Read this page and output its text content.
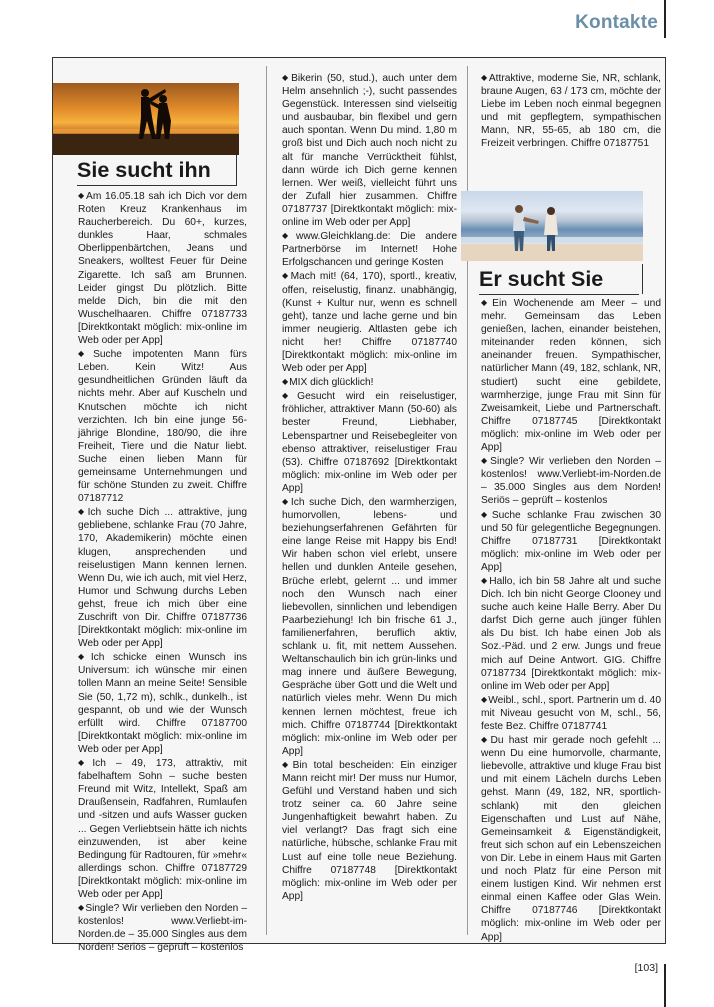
Kontakte
Sie sucht ihn

◆Am 16.05.18 sah ich Dich vor dem Roten Kreuz Krankenhaus im Raucherbereich. Du 60+, kurzes, dunkles Haar, schmales Oberlippenbärtchen, Jeans und Sneakers, wolltest Feuer für Deine Zigarette. Ich saß am Brunnen. Leider gingst Du plötzlich. Bitte melde Dich, bin die mit den Wuschelhaaren. Chiffre 07187733 [Direktkontakt möglich: mix-online im Web oder per App]

◆Suche impotenten Mann fürs Leben. Kein Witz! Aus gesundheitlichen Gründen läuft da nichts mehr. Aber auf Kuscheln und Knutschen möchte ich nicht verzichten. Ich bin eine junge 56-jährige Blondine, 180/90, die ihre Freiheit, Tiere und die Natur liebt. Suche einen lieben Mann für gemeinsame Unternehmungen und für schöne Stunden zu zweit. Chiffre 07187712

◆Ich suche Dich ... attraktive, jung gebliebene, schlanke Frau (70 Jahre, 170, Akademikerin) möchte einen klugen, ansprechenden und reiselustigen Mann kennen lernen. Wenn Du, wie ich auch, mit viel Herz, Humor und Schwung durchs Leben gehst, freue ich mich über eine Zuschrift von Dir. Chiffre 07187736 [Direktkontakt möglich: mix-online im Web oder per App]

◆Ich schicke einen Wunsch ins Universum: ich wünsche mir einen tollen Mann an meine Seite! Sensible Sie (50, 1,72 m), schlk., dunkelh., ist gespannt, ob und wie der Wunsch erfüllt wird. Chiffre 07187700 [Direktkontakt möglich: mix-online im Web oder per App]

◆Ich – 49, 173, attraktiv, mit fabelhaftem Sohn – suche besten Freund mit Witz, Intellekt, Spaß am Draußensein, Radfahren, Rumlaufen und -sitzen und aufs Wasser gucken ... Gegen Verliebtsein hätte ich nichts einzuwenden, ist aber keine Bedingung für Radtouren, für »mehr« allerdings schon. Chiffre 07187729 [Direktkontakt möglich: mix-online im Web oder per App]

◆Single? Wir verlieben den Norden – kostenlos! www.Verliebt-im-Norden.de – 35.000 Singles aus dem Norden! Seriös – geprüft – kostenlos

◆Bikerin (50, stud.), auch unter dem Helm ansehnlich ;-), sucht passendes Gegenstück. Interessen sind vielseitig und ausbaubar, bin flexibel und gern auch spontan. Wenn Du mind. 1,80 m groß bist und Dich auch noch nicht zu alt für manche Verrücktheit fühlst, dann würde ich Dich gerne kennen lernen. Wer weiß, vielleicht führt uns der Zufall hier zusammen. Chiffre 07187737 [Direktkontakt möglich: mix-online im Web oder per App]

◆www.Gleichklang.de: Die andere Partnerbörse im Internet! Hohe Erfolgschancen und geringe Kosten

◆Mach mit! (64, 170), sportl., kreativ, offen, reiselustig, finanz. unabhängig, (Kunst + Kultur nur, wenn es schnell geht), tanze und lache gerne und bin immer neugierig. Altlasten gebe ich nicht her! Chiffre 07187740 [Direktkontakt möglich: mix-online im Web oder per App]

◆MIX dich glücklich!

◆Gesucht wird ein reiselustiger, fröhlicher, attraktiver Mann (50-60) als bester Freund, Liebhaber, Lebenspartner und Reisebegleiter von ebenso attraktiver, reiselustiger Frau (53). Chiffre 07187692 [Direktkontakt möglich: mix-online im Web oder per App]

◆Ich suche Dich, den warmherzigen, humorvollen, lebens- und beziehungserfahrenen Gefährten für eine lange Reise mit Happy bis End! Wir haben schon viel erlebt, unsere hellen und dunklen Anteile gesehen, Brüche erlebt, gelernt ... und immer noch den Wunsch nach einer liebevollen, sinnlichen und lebendigen Paarbeziehung! Ich bin frische 61 J., familienerfahren, beruflich aktiv, schlank u. fit, mit nettem Aussehen. Weltanschaulich bin ich grün-links und mag innere und äußere Bewegung, Gespräche über Gott und die Welt und natürlich vieles mehr. Wenn Du mich kennen lernen möchtest, freue ich mich. Chiffre 07187744 [Direktkontakt möglich: mix-online im Web oder per App]

◆Bin total bescheiden: Ein einziger Mann reicht mir! Der muss nur Humor, Gefühl und Verstand haben und sich trotz seiner ca. 60 Jahre seine Jungenhaftigkeit bewahrt haben. Zu viel verlangt? Das fragt sich eine natürliche, hübsche, schlanke Frau mit Lust auf eine tolle neue Beziehung. Chiffre 07187748 [Direktkontakt möglich: mix-online im Web oder per App]

◆Attraktive, moderne Sie, NR, schlank, braune Augen, 63 / 173 cm, möchte der Liebe im Leben noch einmal begegnen und mit gepflegtem, sympathischen Mann, NR, 55-65, ab 180 cm, die Freizeit verbringen. Chiffre 07187751

◆Ein Wochenende am Meer – und mehr. Gemeinsam das Leben genießen, lachen, einander beistehen, miteinander reden können, sich aneinander freuen. Sympathischer, natürlicher Mann (49, 182, schlank, NR, studiert) sucht eine gebildete, warmherzige, junge Frau mit Sinn für Zweisamkeit, Liebe und Partnerschaft. Chiffre 07187745 [Direktkontakt möglich: mix-online im Web oder per App]

◆Single? Wir verlieben den Norden – kostenlos! www.Verliebt-im-Norden.de – 35.000 Singles aus dem Norden! Seriös – geprüft – kostenlos

◆Suche schlanke Frau zwischen 30 und 50 für gelegentliche Begegnungen. Chiffre 07187731 [Direktkontakt möglich: mix-online im Web oder per App]

◆Hallo, ich bin 58 Jahre alt und suche Dich. Ich bin nicht George Clooney und suche auch keine Halle Berry. Aber Du darfst Dich gerne auch jünger fühlen als Du bist. Ich habe einen Job als Soz.-Päd. und 2 erw. Jungs und freue mich auf Deine Antwort. GIG. Chiffre 07187734 [Direktkontakt möglich: mix-online im Web oder per App]

◆Weibl., schl., sport. Partnerin um d. 40 mit Niveau gesucht von M, schl., 56, feste Bez. Chiffre 07187741

◆Du hast mir gerade noch gefehlt ... wenn Du eine humorvolle, charmante, liebevolle, attraktive und kluge Frau bist und mit einem Lächeln durchs Leben gehst. Mann (49, 182, NR, sportlich-schlank) mit den gleichen Eigenschaften und Lust auf Nähe, Gemeinsamkeit & Eigenständigkeit, freut sich schon auf ein Lebenszeichen von Dir. Lebe in einem Haus mit Garten und noch Platz für eine Person mit einem lustigen Kind. Wir nehmen erst einmal einen Kaffee oder Glas Wein. Chiffre 07187746 [Direktkontakt möglich: mix-online im Web oder per App]

Er sucht Sie
[103]
